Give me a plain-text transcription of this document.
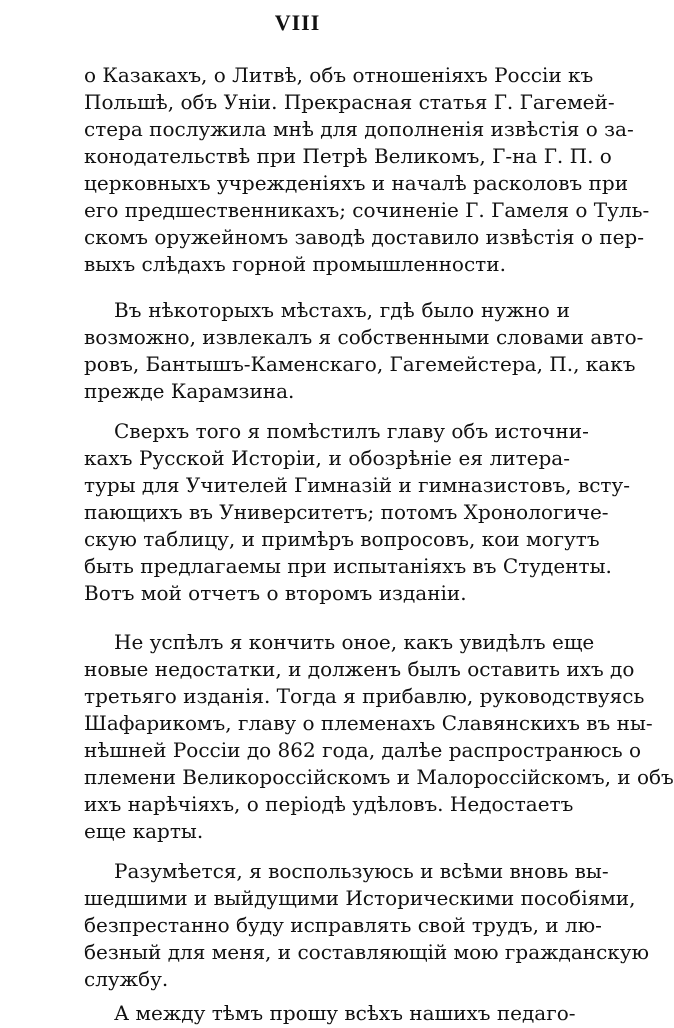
VIII
о Казакахъ, о Литвѣ, объ отношеніяхъ Россіи къ
Польшѣ, объ Уніи. Прекрасная статья Г. Гагемей-
стера послужила мнѣ для дополненія извѣстія о за-
конодательствѣ при Петрѣ Великомъ, Г-на Г. П. о
церковныхъ учрежденіяхъ и началѣ расколовъ при
его предшественникахъ; сочиненіе Г. Гамеля о Туль-
скомъ оружейномъ заводѣ доставило извѣстія о пер-
выхъ слѣдахъ горной промышленности.
Въ нѣкоторыхъ мѣстахъ, гдѣ было нужно и
возможно, извлекалъ я собственными словами авто-
ровъ, Бантышъ-Каменскаго, Гагемейстера, П., какъ
прежде Карамзина.
Сверхъ того я помѣстилъ главу объ источни-
кахъ Русской Исторіи, и обозрѣніе ея литера-
туры для Учителей Гимназій и гимназистовъ, всту-
пающихъ въ Университетъ; потомъ Хронологиче-
скую таблицу, и примѣръ вопросовъ, кои могутъ
быть предлагаемы при испытаніяхъ въ Студенты.
Вотъ мой отчетъ о второмъ изданіи.
Не успѣлъ я кончить оное, какъ увидѣлъ еще
новые недостатки, и долженъ былъ оставить ихъ до
третьяго изданія. Тогда я прибавлю, руководствуясь
Шафарикомъ, главу о племенахъ Славянскихъ въ ны-
нѣшней Россіи до 862 года, далѣе распространюсь о
племени Великороссійскомъ и Малороссійскомъ, и объ
ихъ нарѣчіяхъ, о періодѣ удѣловъ. Недостаетъ
еще карты.
Разумѣется, я воспользуюсь и всѣми вновь вы-
шедшими и выйдущими Историческими пособіями,
безпрестанно буду исправлять свой трудъ, и лю-
безный для меня, и составляющій мою гражданскую
службу.
А между тѣмъ прошу всѣхъ нашихъ педаго-
